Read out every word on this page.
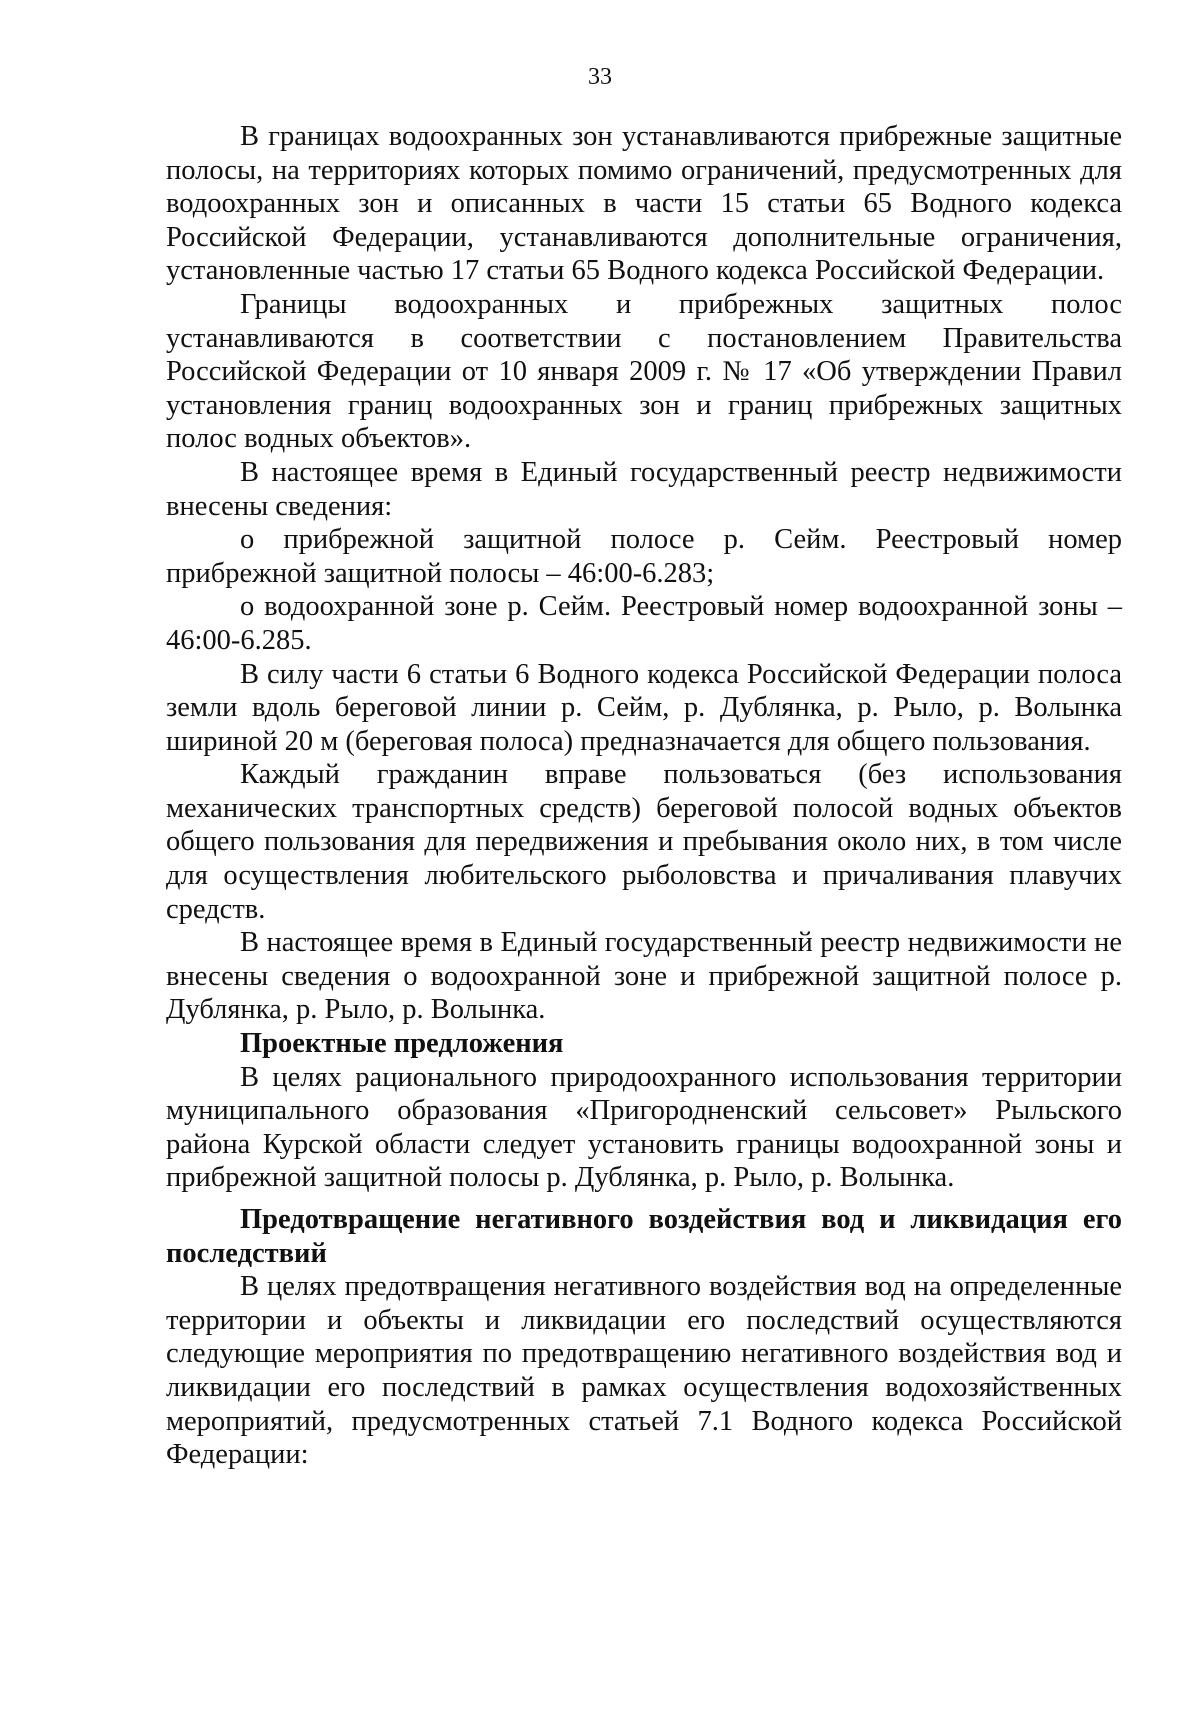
33

В границах водоохранных зон устанавливаются прибрежные защитные полосы, на территориях которых помимо ограничений, предусмотренных для водоохранных зон и описанных в части 15 статьи 65 Водного кодекса Российской Федерации, устанавливаются дополнительные ограничения, установленные частью 17 статьи 65 Водного кодекса Российской Федерации.

Границы водоохранных и прибрежных защитных полос устанавливаются в соответствии с постановлением Правительства Российской Федерации от 10 января 2009 г. № 17 «Об утверждении Правил установления границ водоохранных зон и границ прибрежных защитных полос водных объектов».

В настоящее время в Единый государственный реестр недвижимости внесены сведения:

о прибрежной защитной полосе р. Сейм. Реестровый номер прибрежной защитной полосы – 46:00-6.283;

о водоохранной зоне р. Сейм. Реестровый номер водоохранной зоны – 46:00-6.285.

В силу части 6 статьи 6 Водного кодекса Российской Федерации полоса земли вдоль береговой линии р. Сейм, р. Дублянка, р. Рыло, р. Волынка шириной 20 м (береговая полоса) предназначается для общего пользования.

Каждый гражданин вправе пользоваться (без использования механических транспортных средств) береговой полосой водных объектов общего пользования для передвижения и пребывания около них, в том числе для осуществления любительского рыболовства и причаливания плавучих средств.

В настоящее время в Единый государственный реестр недвижимости не внесены сведения о водоохранной зоне и прибрежной защитной полосе р. Дублянка, р. Рыло, р. Волынка.

Проектные предложения

В целях рационального природоохранного использования территории муниципального образования «Пригородненский сельсовет» Рыльского района Курской области следует установить границы водоохранной зоны и прибрежной защитной полосы р. Дублянка, р. Рыло, р. Волынка.

Предотвращение негативного воздействия вод и ликвидация его последствий

В целях предотвращения негативного воздействия вод на определенные территории и объекты и ликвидации его последствий осуществляются следующие мероприятия по предотвращению негативного воздействия вод и ликвидации его последствий в рамках осуществления водохозяйственных мероприятий, предусмотренных статьей 7.1 Водного кодекса Российской Федерации:
